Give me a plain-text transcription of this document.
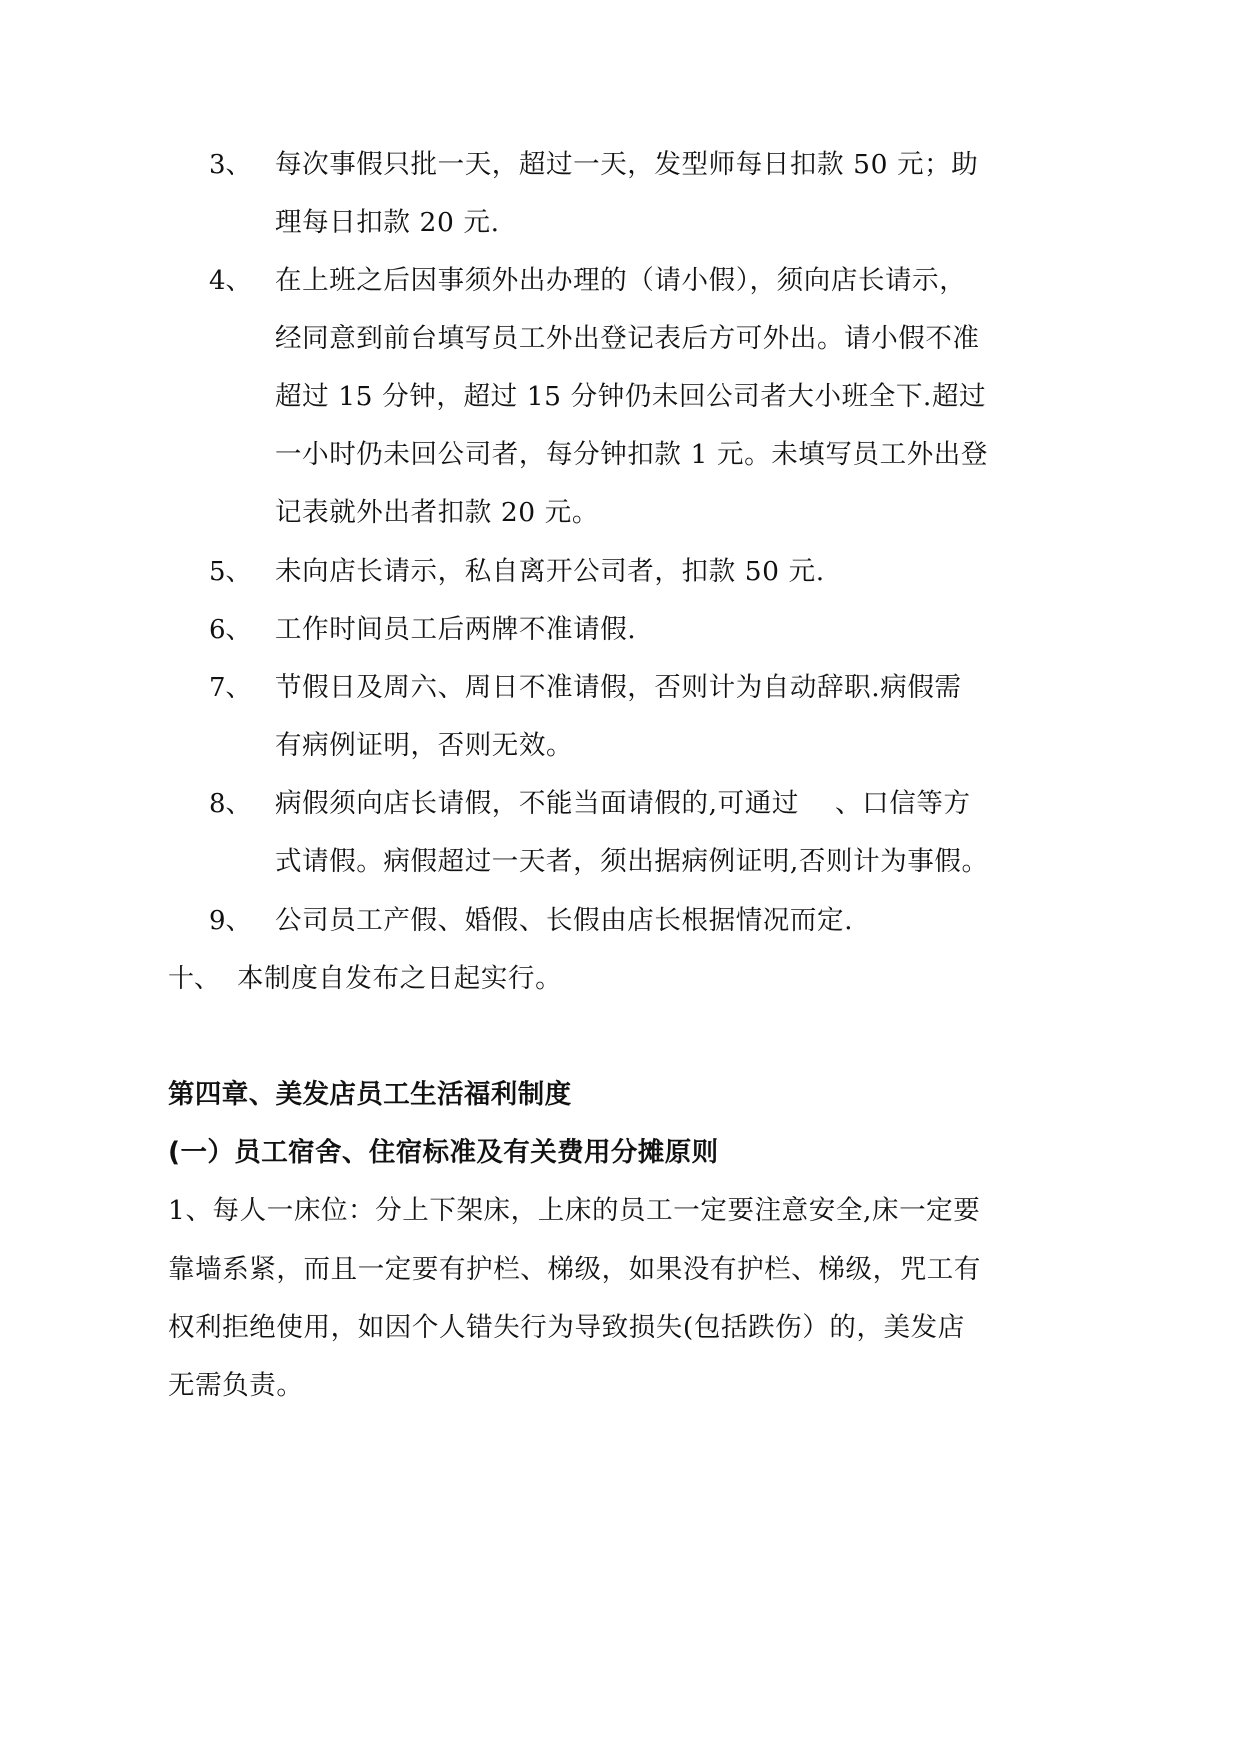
3、 每次事假只批一天，超过一天，发型师每日扣款 50 元；助
理每日扣款 20 元.
4、 在上班之后因事须外出办理的（请小假），须向店长请示，
经同意到前台填写员工外出登记表后方可外出。请小假不准
超过 15 分钟，超过 15 分钟仍未回公司者大小班全下.超过
一小时仍未回公司者，每分钟扣款 1 元。未填写员工外出登
记表就外出者扣款 20 元。
5、 未向店长请示，私自离开公司者，扣款 50 元.
6、 工作时间员工后两牌不准请假.
7、 节假日及周六、周日不准请假，否则计为自动辞职.病假需
有病例证明，否则无效。
8、 病假须向店长请假，不能当面请假的,可通过　 、口信等方
式请假。病假超过一天者，须出据病例证明,否则计为事假。
9、 公司员工产假、婚假、长假由店长根据情况而定.
十、 本制度自发布之日起实行。
第四章、美发店员工生活福利制度
(一）员工宿舍、住宿标准及有关费用分摊原则
1、每人一床位：分上下架床，上床的员工一定要注意安全,床一定要
靠墙系紧，而且一定要有护栏、梯级，如果没有护栏、梯级，咒工有
权利拒绝使用，如因个人错失行为导致损失(包括跌伤）的，美发店
无需负责。
